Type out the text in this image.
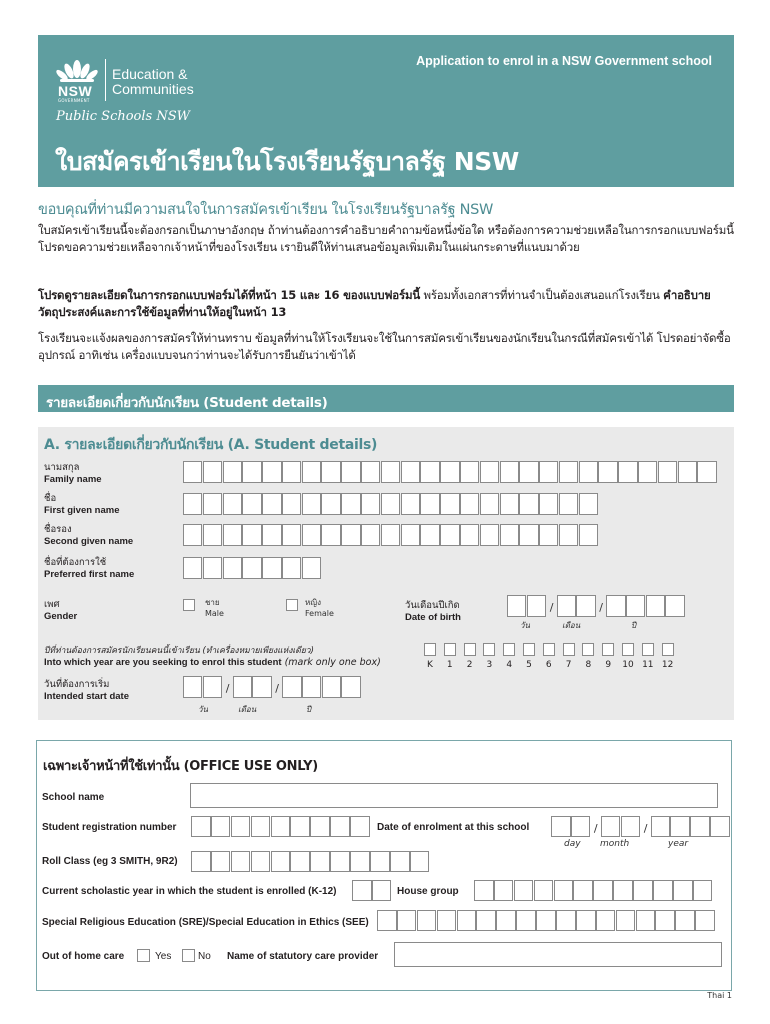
NSW
GOVERNMENT
Education &
Communities
Application to enrol in a NSW Government school
Public Schools NSW
ใบสมัครเข้าเรียนในโรงเรียนรัฐบาลรัฐ NSW
ขอบคุณที่ท่านมีความสนใจในการสมัครเข้าเรียน ในโรงเรียนรัฐบาลรัฐ NSW
ใบสมัครเข้าเรียนนี้จะต้องกรอกเป็นภาษาอังกฤษ ถ้าท่านต้องการคำอธิบายคำถามข้อหนึ่งข้อใด หรือต้องการความช่วยเหลือในการกรอกแบบฟอร์มนี้ โปรดขอความช่วยเหลือจากเจ้าหน้าที่ของโรงเรียน เรายินดีให้ท่านเสนอข้อมูลเพิ่มเติมในแผ่นกระดาษที่แนบมาด้วย
โปรดดูรายละเอียดในการกรอกแบบฟอร์มได้ที่หน้า 15 และ 16 ของแบบฟอร์มนี้ พร้อมทั้งเอกสารที่ท่านจำเป็นต้องเสนอแก่โรงเรียน คำอธิบายวัตถุประสงค์และการใช้ข้อมูลที่ท่านให้อยู่ในหน้า 13
โรงเรียนจะแจ้งผลของการสมัครให้ท่านทราบ ข้อมูลที่ท่านให้โรงเรียนจะใช้ในการสมัครเข้าเรียนของนักเรียนในกรณีที่สมัครเข้าได้ โปรดอย่าจัดซื้ออุปกรณ์ อาทิเช่น เครื่องแบบจนกว่าท่านจะได้รับการยืนยันว่าเข้าได้
รายละเอียดเกี่ยวกับนักเรียน (Student details)
A. รายละเอียดเกี่ยวกับนักเรียน (A. Student details)
นามสกุล
Family name
ชื่อ
First given name
ชื่อรอง
Second given name
ชื่อที่ต้องการใช้
Preferred first name
เพศ
Gender
ชาย
Male
หญิง
Female
วันเดือนปีเกิด
Date of birth
/	/
วัน	เดือน	ปี
ปีที่ท่านต้องการสมัครนักเรียนคนนี้เข้าเรียน (ทำเครื่องหมายเพียงแห่งเดียว)
Into which year are you seeking to enrol this student (mark only one box)	K	1	2	3	4	5	6	7	8	9	10 11 12
วันที่ต้องการเริ่ม
Intended start date
/	/
วัน	เดือน	ปี
เฉพาะเจ้าหน้าที่ใช้เท่านั้น (OFFICE USE ONLY)
School name
Student registration number	Date of enrolment at this school	/	/
day month	year
Roll Class (eg 3 SMITH, 9R2)
Current scholastic year in which the student is enrolled (K-12)	House group
Special Religious Education (SRE)/Special Education in Ethics (SEE)
Out of home care	Yes	No Name of statutory care provider
Thai 1
